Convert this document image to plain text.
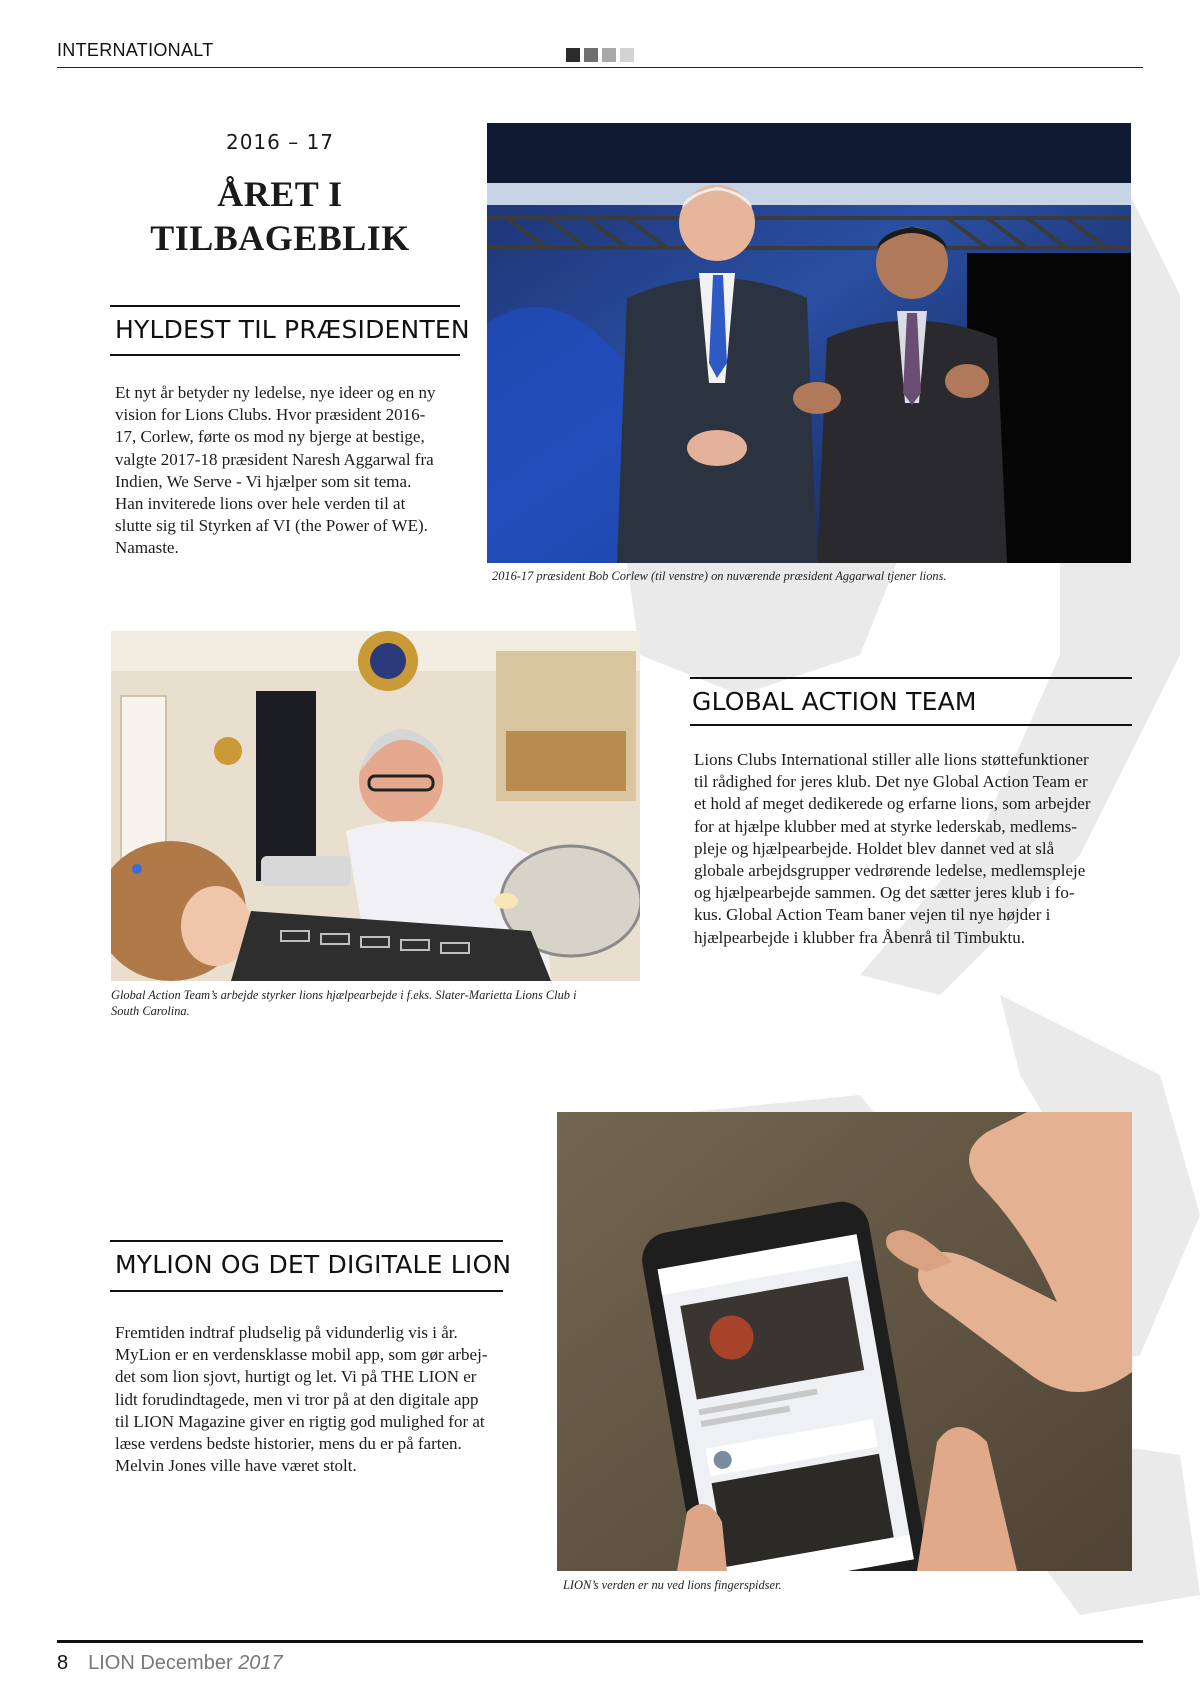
INTERNATIONALT
2016 – 17
ÅRET I
TILBAGEBLIK
HYLDEST TIL PRÆSIDENTEN
Et nyt år betyder ny ledelse, nye ideer og en ny
vision for Lions Clubs. Hvor præsident 2016-
17, Corlew, førte os mod ny bjerge at bestige,
valgte 2017-18 præsident Naresh Aggarwal fra
Indien, We Serve - Vi hjælper som sit tema.
Han inviterede lions over hele verden til at
slutte sig til Styrken af VI (the Power of WE).
Namaste.
2016-17 præsident Bob Corlew (til venstre) on nuværende præsident Aggarwal tjener lions.
Global Action Team’s arbejde styrker lions hjælpearbejde i f.eks. Slater-Marietta Lions Club i
South Carolina.
GLOBAL ACTION TEAM
Lions Clubs International stiller alle lions støttefunktioner
til rådighed for jeres klub. Det nye Global Action Team er
et hold af meget dedikerede og erfarne lions, som arbejder
for at hjælpe klubber med at styrke lederskab, medlems-
pleje og hjælpearbejde. Holdet blev dannet ved at slå
globale arbejdsgrupper vedrørende ledelse, medlemspleje
og hjælpearbejde sammen. Og det sætter jeres klub i fo-
kus. Global Action Team baner vejen til nye højder i
hjælpearbejde i klubber fra Åbenrå til Timbuktu.
MYLION OG DET DIGITALE LION
Fremtiden indtraf pludselig på vidunderlig vis i år.
MyLion er en verdensklasse mobil app, som gør arbej-
det som lion sjovt, hurtigt og let. Vi på THE LION er
lidt forudindtagede, men vi tror på at den digitale app
til LION Magazine giver en rigtig god mulighed for at
læse verdens bedste historier, mens du er på farten.
Melvin Jones ville have været stolt.
LION’s verden er nu ved lions fingerspidser.
8 LION December 2017
